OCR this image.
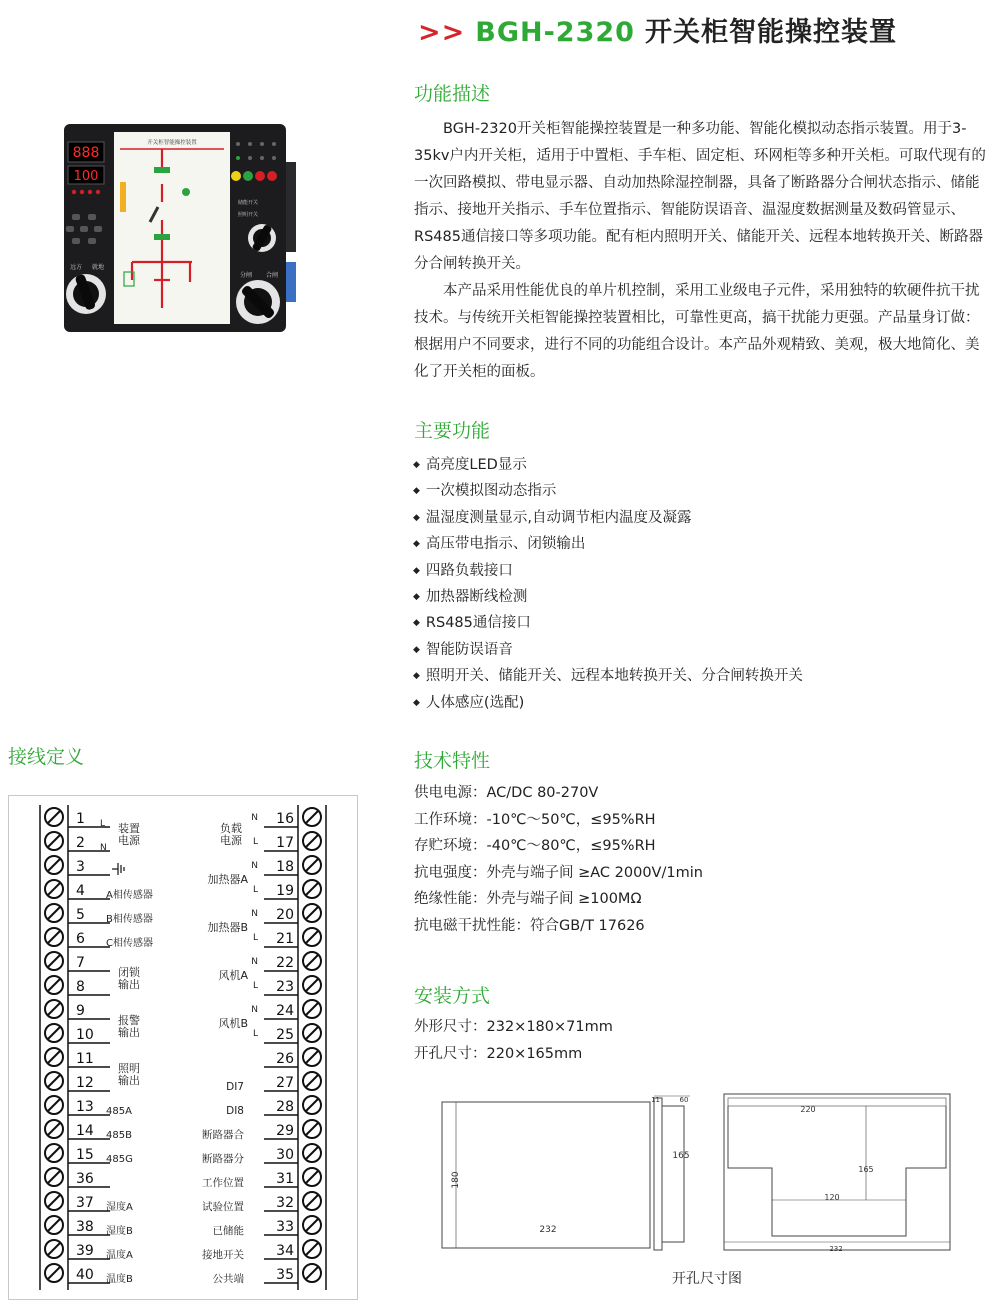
>> BGH-2320 开关柜智能操控装置
888
100
远方 就地
开关柜智能操控装置
储能开关
照明开关
分闸 合闸
功能描述

BGH-2320开关柜智能操控装置是一种多功能、智能化模拟动态指示装置。用于3-35kv户内开关柜，适用于中置柜、手车柜、固定柜、环网柜等多种开关柜。可取代现有的一次回路模拟、带电显示器、自动加热除湿控制器，具备了断路器分合闸状态指示、储能指示、接地开关指示、手车位置指示、智能防误语音、温湿度数据测量及数码管显示、RS485通信接口等多项功能。配有柜内照明开关、储能开关、远程本地转换开关、断路器分合闸转换开关。

本产品采用性能优良的单片机控制，采用工业级电子元件，采用独特的软硬件抗干扰技术。与传统开关柜智能操控装置相比，可靠性更高，搞干扰能力更强。产品量身订做：根据用户不同要求，进行不同的功能组合设计。本产品外观精致、美观，极大地简化、美化了开关柜的面板。

主要功能
◆ 高亮度LED显示
◆ 一次模拟图动态指示
◆ 温湿度测量显示,自动调节柜内温度及凝露
◆ 高压带电指示、闭锁输出
◆ 四路负载接口
◆ 加热器断线检测
◆ RS485通信接口
◆ 智能防误语音
◆ 照明开关、储能开关、远程本地转换开关、分合闸转换开关
◆ 人体感应(选配)
技术特性
供电电源：AC/DC 80-270V
工作环境：-10℃～50℃，≤95%RH
存贮环境：-40℃～80℃，≤95%RH
抗电强度：外壳与端子间 ≥AC 2000V/1min
绝缘性能：外壳与端子间 ≥100MΩ
抗电磁干扰性能：符合GB/T 17626
安装方式
外形尺寸：232×180×71mm
开孔尺寸：220×165mm
232
180
11	60
165
220
165
120
232
开孔尺寸图
接线定义
1 L
2 N
3
4 A相传感器
5 B相传感器
6 C相传感器
7
8
9
10
11
12
13 485A
14 485B
15 485G
36
37 湿度A
38 湿度B
39 温度A
40 温度B
16
N
17
L
18
N
19
L
20
N
21
L
22
N
23
L
24
N
25
L
26
27
DI7
28
DI8
29
断路器合
30
断路器分
31
工作位置
32
试验位置
33
已储能
34
接地开关
35
公共端
装置
电源
闭锁
输出
报警
输出
照明
输出
负载
电源
加热器A
加热器B
风机A
风机B
